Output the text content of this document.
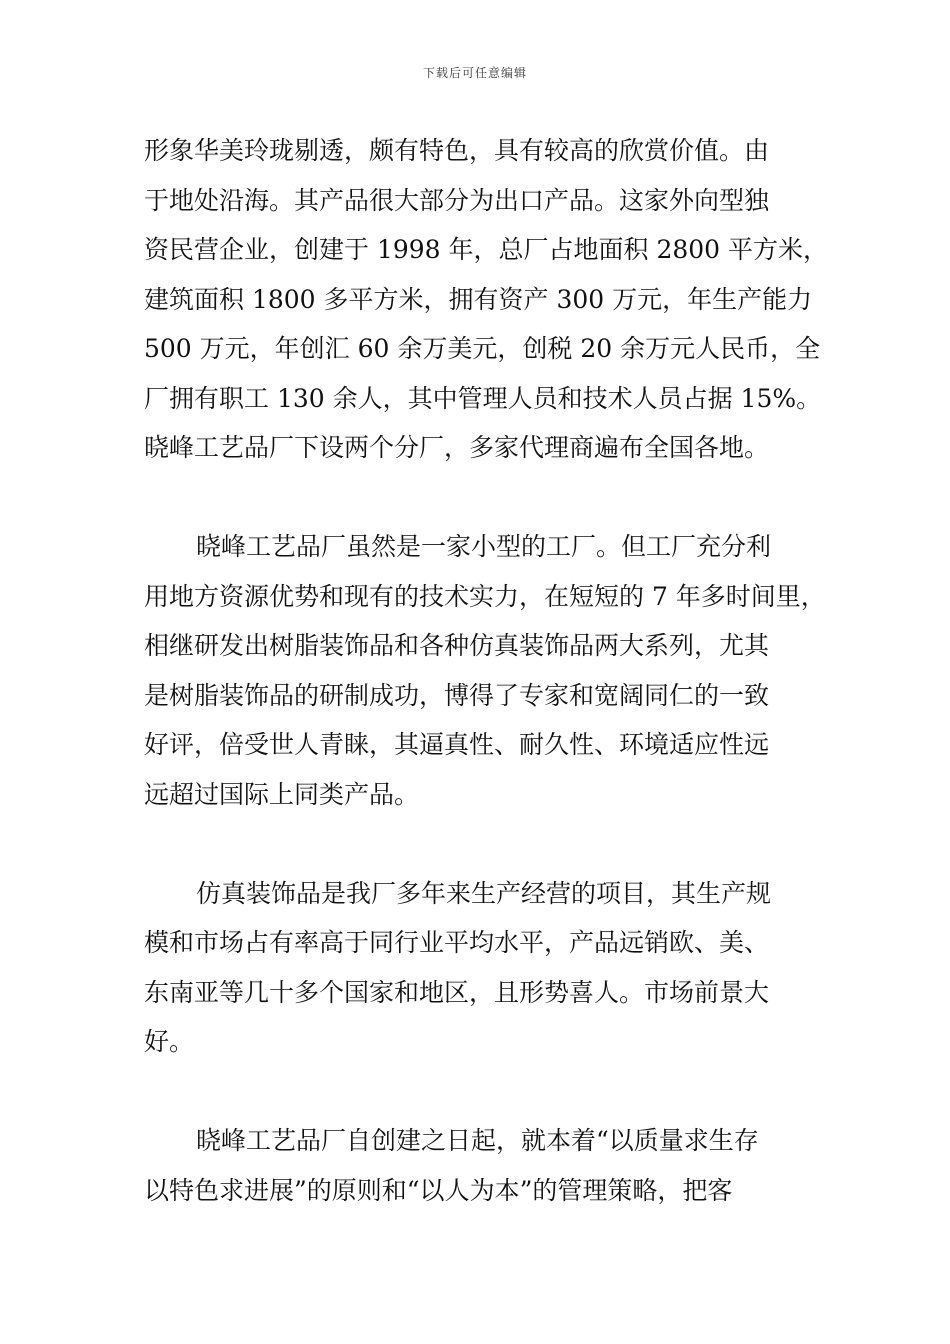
下载后可任意编辑
形象华美玲珑剔透，颇有特色，具有较高的欣赏价值。由
于地处沿海。其产品很大部分为出口产品。这家外向型独
资民营企业，创建于 1998 年，总厂占地面积 2800 平方米，
建筑面积 1800 多平方米，拥有资产 300 万元，年生产能力
500 万元，年创汇 60 余万美元，创税 20 余万元人民币，全
厂拥有职工 130 余人，其中管理人员和技术人员占据 15%。
晓峰工艺品厂下设两个分厂，多家代理商遍布全国各地。
晓峰工艺品厂虽然是一家小型的工厂。但工厂充分利
用地方资源优势和现有的技术实力，在短短的 7 年多时间里，
相继研发出树脂装饰品和各种仿真装饰品两大系列，尤其
是树脂装饰品的研制成功，博得了专家和宽阔同仁的一致
好评，倍受世人青睐，其逼真性、耐久性、环境适应性远
远超过国际上同类产品。
仿真装饰品是我厂多年来生产经营的项目，其生产规
模和市场占有率高于同行业平均水平，产品远销欧、美、
东南亚等几十多个国家和地区，且形势喜人。市场前景大
好。
晓峰工艺品厂自创建之日起，就本着“以质量求生存
以特色求进展”的原则和“以人为本”的管理策略，把客
